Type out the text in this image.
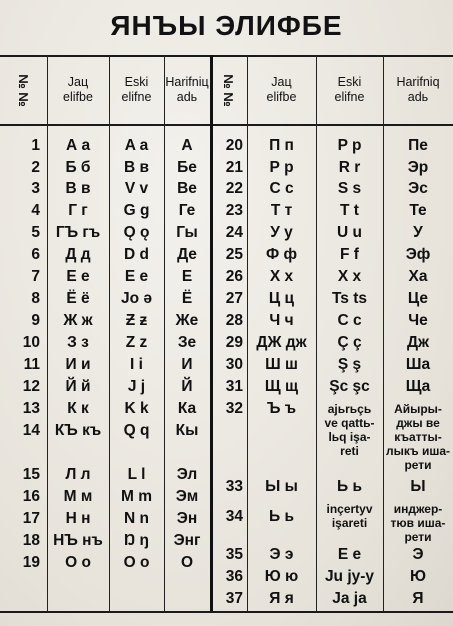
ЯНЪЫ ЭЛИФБЕ
№ №	Jaц
elifbe
Eski
elifne
Harifniц
adь	№ №	Jaц
elifbe
Eski
elifne
Harifniq
adь
1	А а	A a	А
2	Б б	B в	Бе
3	В в	V v	Ве
4	Г г	G g	Ге
5	ГЪ гъ	Ǫ ǫ	Гы
6	Д д	D d	Де
7	Е е	E e	Е
8	Ё ё	Jo ə	Ё
9	Ж ж	Ƶ ƶ	Же
10	З з	Z z	Зе
11	И и	I i	И
12	Й й	J j	Й
13	К к	K k	Ка
14 КЪ къ	Q q	Кы
15	Л л	L l	Эл
16	М м	M m	Эм
17	Н н	N n	Эн
18 НЪ нъ	Ŋ ŋ	Энг
19	О о	O o	О
20	П п	P p	Пе
21	Р р	R r	Эр
22	С с	S s	Эс
23	Т т	T t	Те
24	У у	U u	У
25	Ф ф	F f	Эф
26	Х х	X x	Ха
27	Ц ц	Ts ts	Це
28	Ч ч	C c	Че
29 ДЖ дж	Ç ç	Дж
30	Ш ш	Ş ş	Ша
31	Щ щ	Şc şc	Ща
32	Ъ ъ	ajьrьçь
ve qattь-
lьq işa-
reti
Айыры-
джы ве
къатты-
лыкъ ишa-
рети
33	Ы ы	Ь ь	Ы
34	Ь ь	inçertyv
işareti
инджер-
тюв иша-
рети
35	Э э	E e	Э
36	Ю ю	Ju jy-y	Ю
37	Я я	Ja ja	Я
